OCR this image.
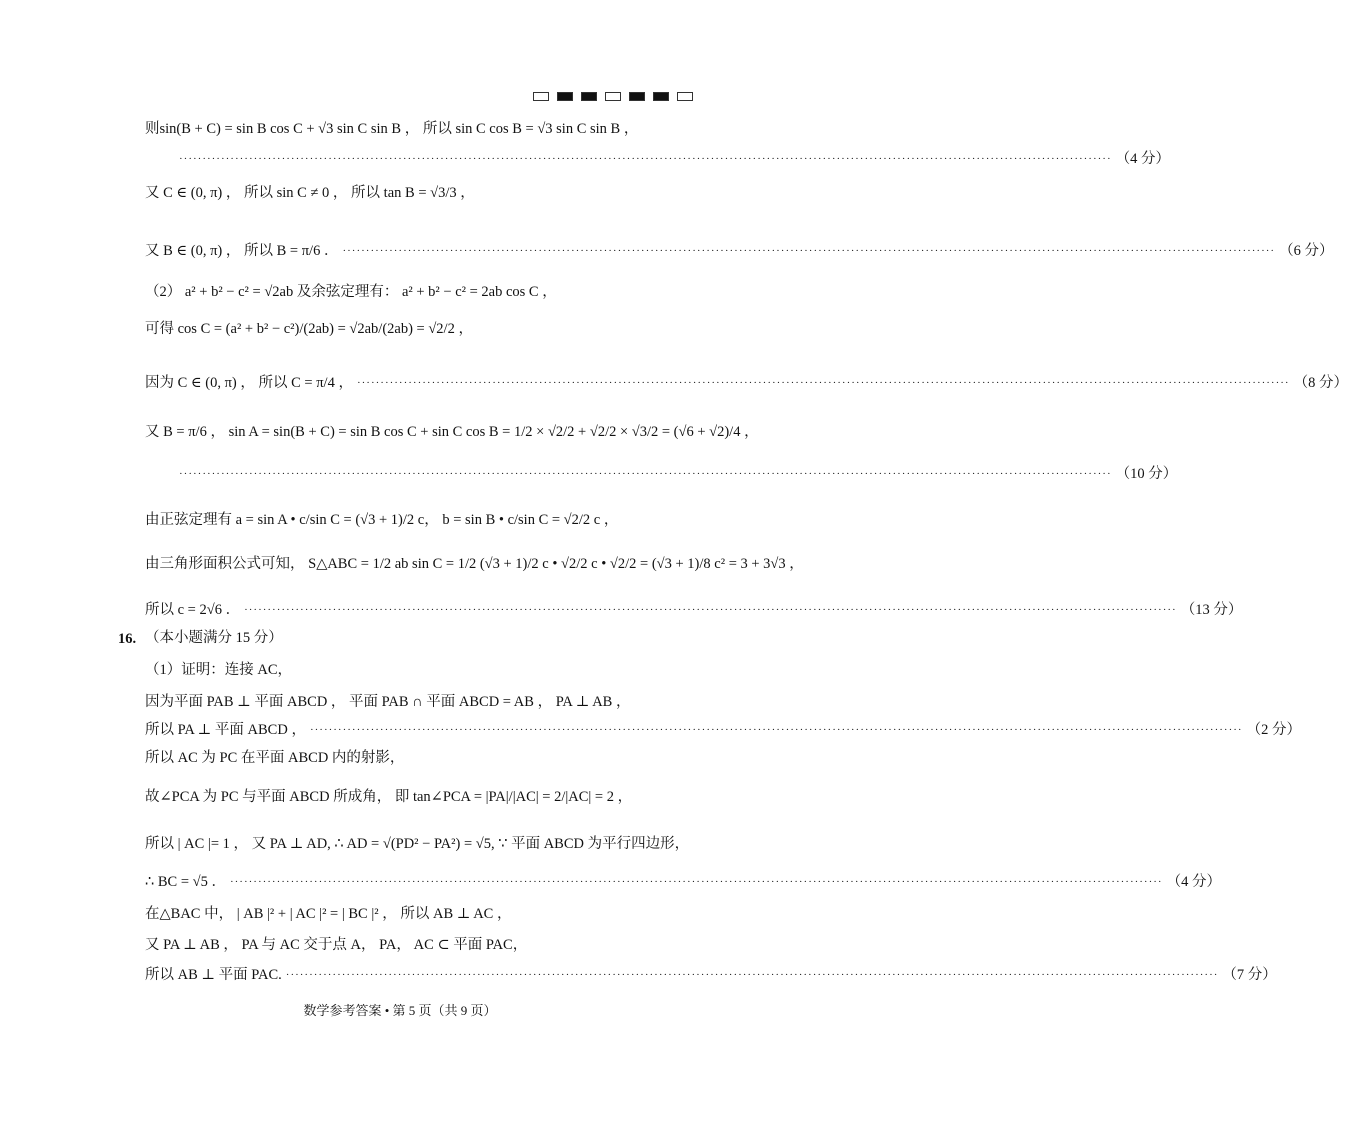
则sin(B + C) = sin B cos C + √3 sin C sin B ， 所以 sin C cos B = √3 sin C sin B ，
········································································································································································································ （4 分）
又 C ∈ (0, π) ， 所以 sin C ≠ 0 ， 所以 tan B = √3/3 ，
又 B ∈ (0, π) ， 所以 B = π/6 ． ········································································································································································································ （6 分）
（2） a² + b² − c² = √2ab 及余弦定理有： a² + b² − c² = 2ab cos C ，
可得 cos C = (a² + b² − c²)/(2ab) = √2ab/(2ab) = √2/2 ，
因为 C ∈ (0, π) ， 所以 C = π/4 ， ········································································································································································································ （8 分）
又 B = π/6 ， sin A = sin(B + C) = sin B cos C + sin C cos B = 1/2 × √2/2 + √2/2 × √3/2 = (√6 + √2)/4 ，
········································································································································································································ （10 分）
由正弦定理有 a = sin A • c/sin C = (√3 + 1)/2 c， b = sin B • c/sin C = √2/2 c ，
由三角形面积公式可知， S△ABC = 1/2 ab sin C = 1/2 (√3 + 1)/2 c • √2/2 c • √2/2 = (√3 + 1)/8 c² = 3 + 3√3 ，
所以 c = 2√6 ． ········································································································································································································ （13 分）
（1）证明：连接 AC，
因为平面 PAB ⊥ 平面 ABCD ， 平面 PAB ∩ 平面 ABCD = AB ， PA ⊥ AB ，
所以 PA ⊥ 平面 ABCD ， ········································································································································································································ （2 分）
所以 AC 为 PC 在平面 ABCD 内的射影，
故∠PCA 为 PC 与平面 ABCD 所成角， 即 tan∠PCA = |PA|/|AC| = 2/|AC| = 2 ，
所以 | AC |= 1 ， 又 PA ⊥ AD, ∴ AD = √(PD² − PA²) = √5, ∵ 平面 ABCD 为平行四边形，
∴ BC = √5 ． ········································································································································································································ （4 分）
在△BAC 中， | AB |² + | AC |² = | BC |² ， 所以 AB ⊥ AC ，
又 PA ⊥ AB ， PA 与 AC 交于点 A， PA， AC ⊂ 平面 PAC，
所以 AB ⊥ 平面 PAC. ········································································································································································································ （7 分）
16. （本小题满分 15 分）
数学参考答案 • 第 5 页（共 9 页）
